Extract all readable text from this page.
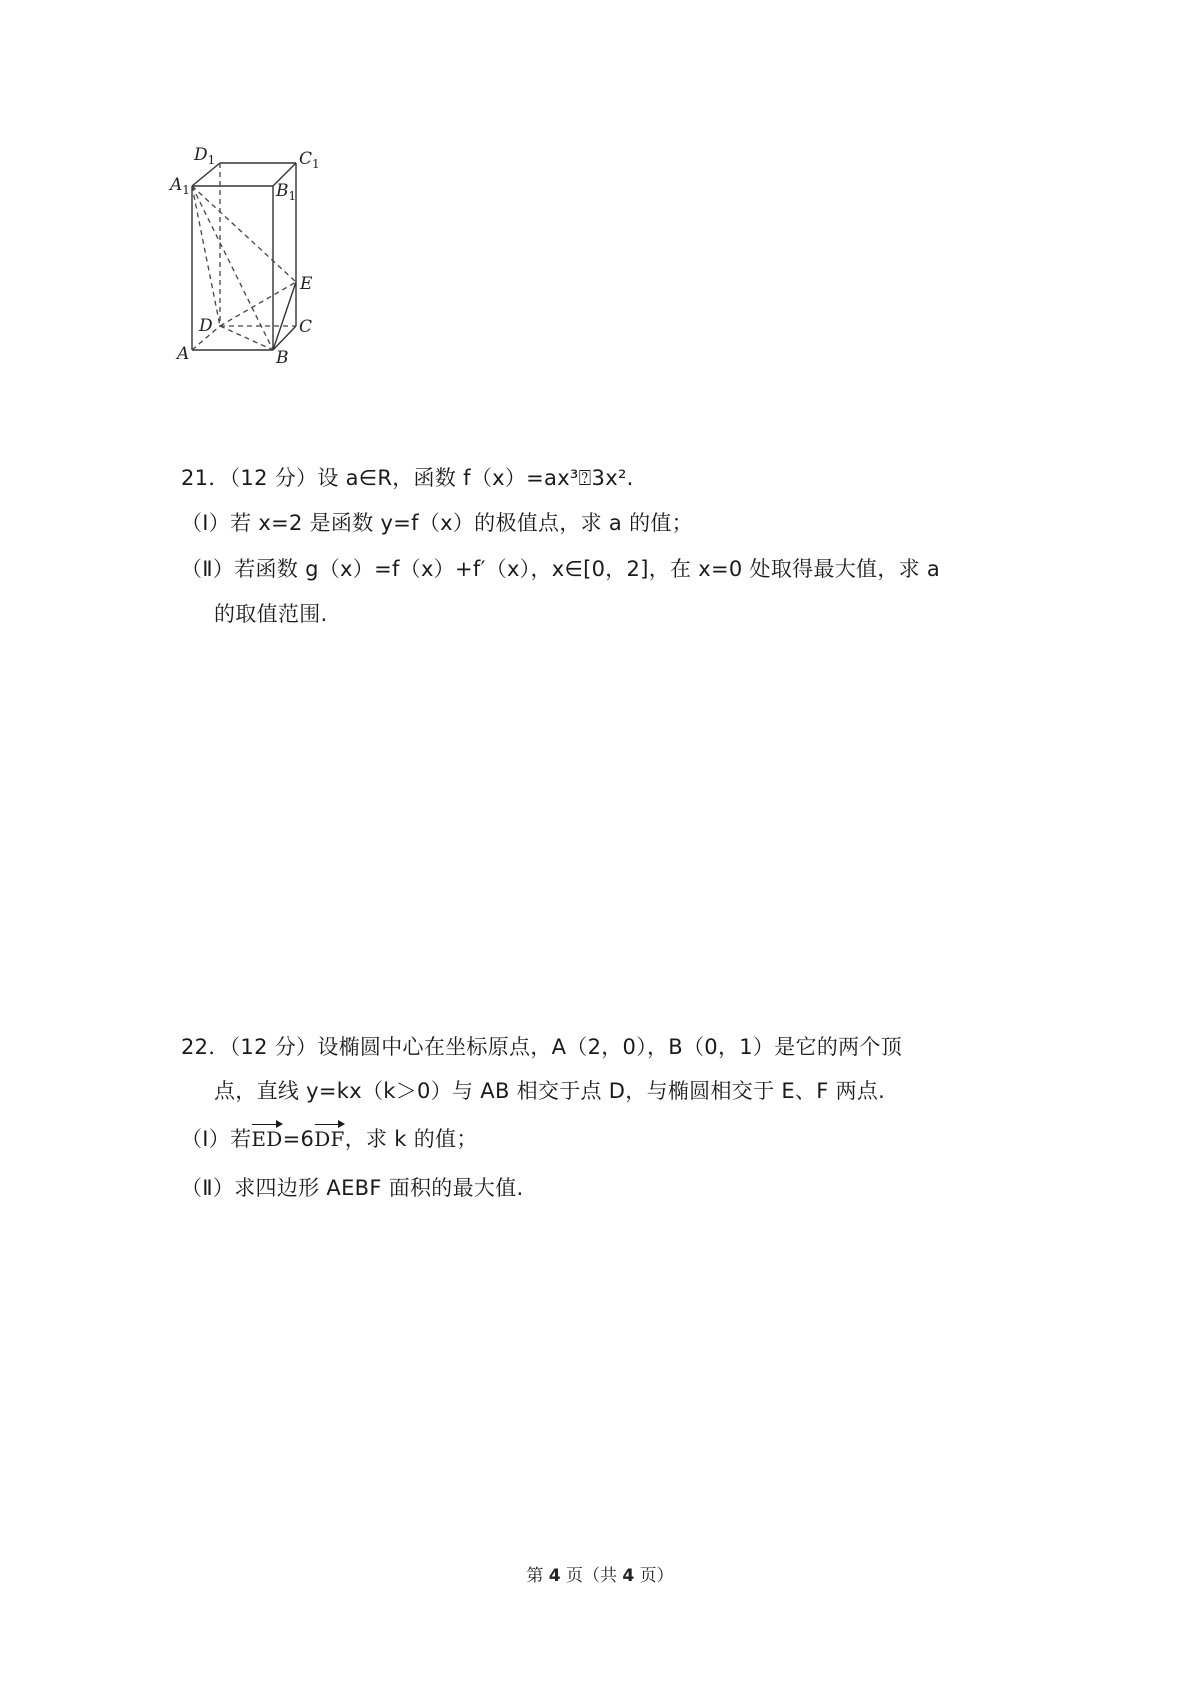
$D_1$	$C_1$
$A_1$	$B_1$
E
D	C
A	B
21．（12 分）设 a∈R，函数 f（x）=ax³⍰3x².
（Ⅰ）若 x=2 是函数 y=f（x）的极值点，求 a 的值；
（Ⅱ）若函数 g（x）=f（x）+f′（x），x∈[0，2]，在 x=0 处取得最大值，求 a
的取值范围.
22．（12 分）设椭圆中心在坐标原点，A（2，0），B（0，1）是它的两个顶
点，直线 y=kx（k＞0）与 AB 相交于点 D，与椭圆相交于 E、F 两点.
（Ⅰ）若ED=6DF，求 k 的值；
（Ⅱ）求四边形 AEBF 面积的最大值.
第 4 页（共 4 页）
